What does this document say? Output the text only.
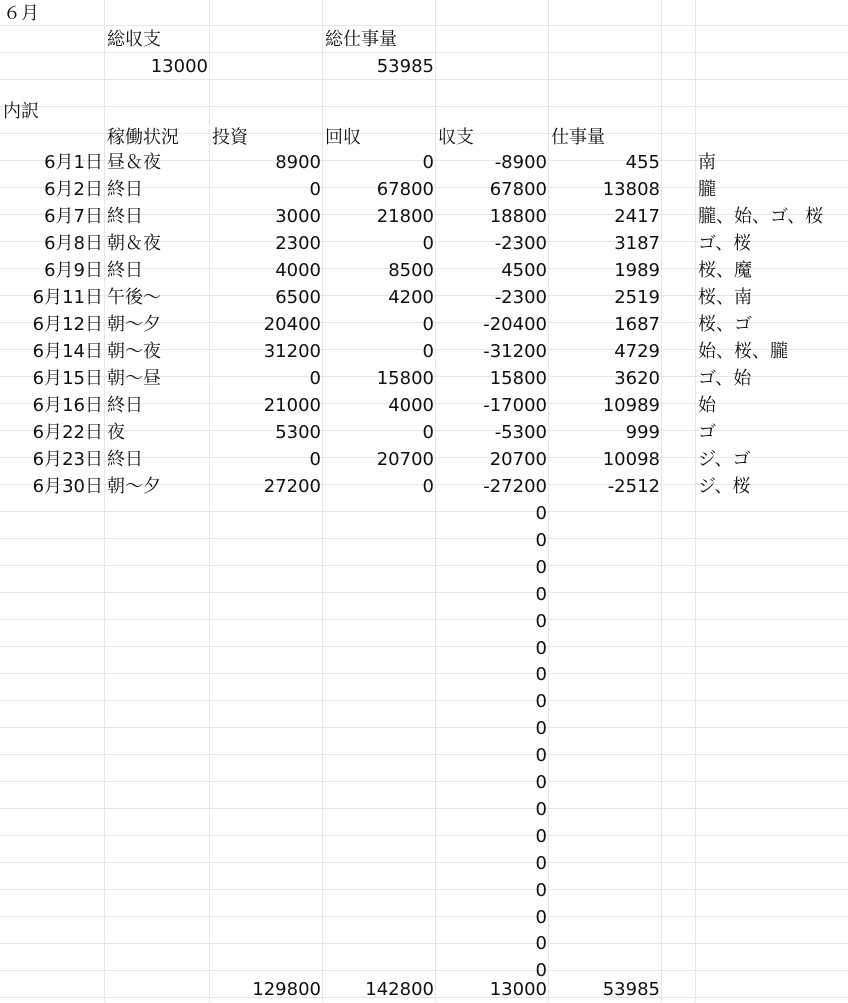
６月
総収支	総仕事量
13000	53985
内訳
稼働状況	投資	回収	収支	仕事量
6月1日 昼＆夜	8900	0	-8900	455 南
6月2日 終日	0	67800	67800	13808 朧
6月7日 終日	3000	21800	18800	2417 朧、始、ゴ、桜
6月8日 朝＆夜	2300	0	-2300	3187 ゴ、桜
6月9日 終日	4000	8500	4500	1989 桜、魔
6月11日 午後〜	6500	4200	-2300	2519 桜、南
6月12日 朝〜夕	20400	0	-20400	1687 桜、ゴ
6月14日 朝〜夜	31200	0	-31200	4729 始、桜、朧
6月15日 朝〜昼	0	15800	15800	3620 ゴ、始
6月16日 終日	21000	4000	-17000	10989 始
6月22日 夜	5300	0	-5300	999 ゴ
6月23日 終日	0	20700	20700	10098 ジ、ゴ
6月30日 朝〜夕	27200	0	-27200	-2512 ジ、桜
0
0
0
0
0
0
0
0
0
0
0
0
0
0
0
0
0
0
129800	142800	13000	53985
